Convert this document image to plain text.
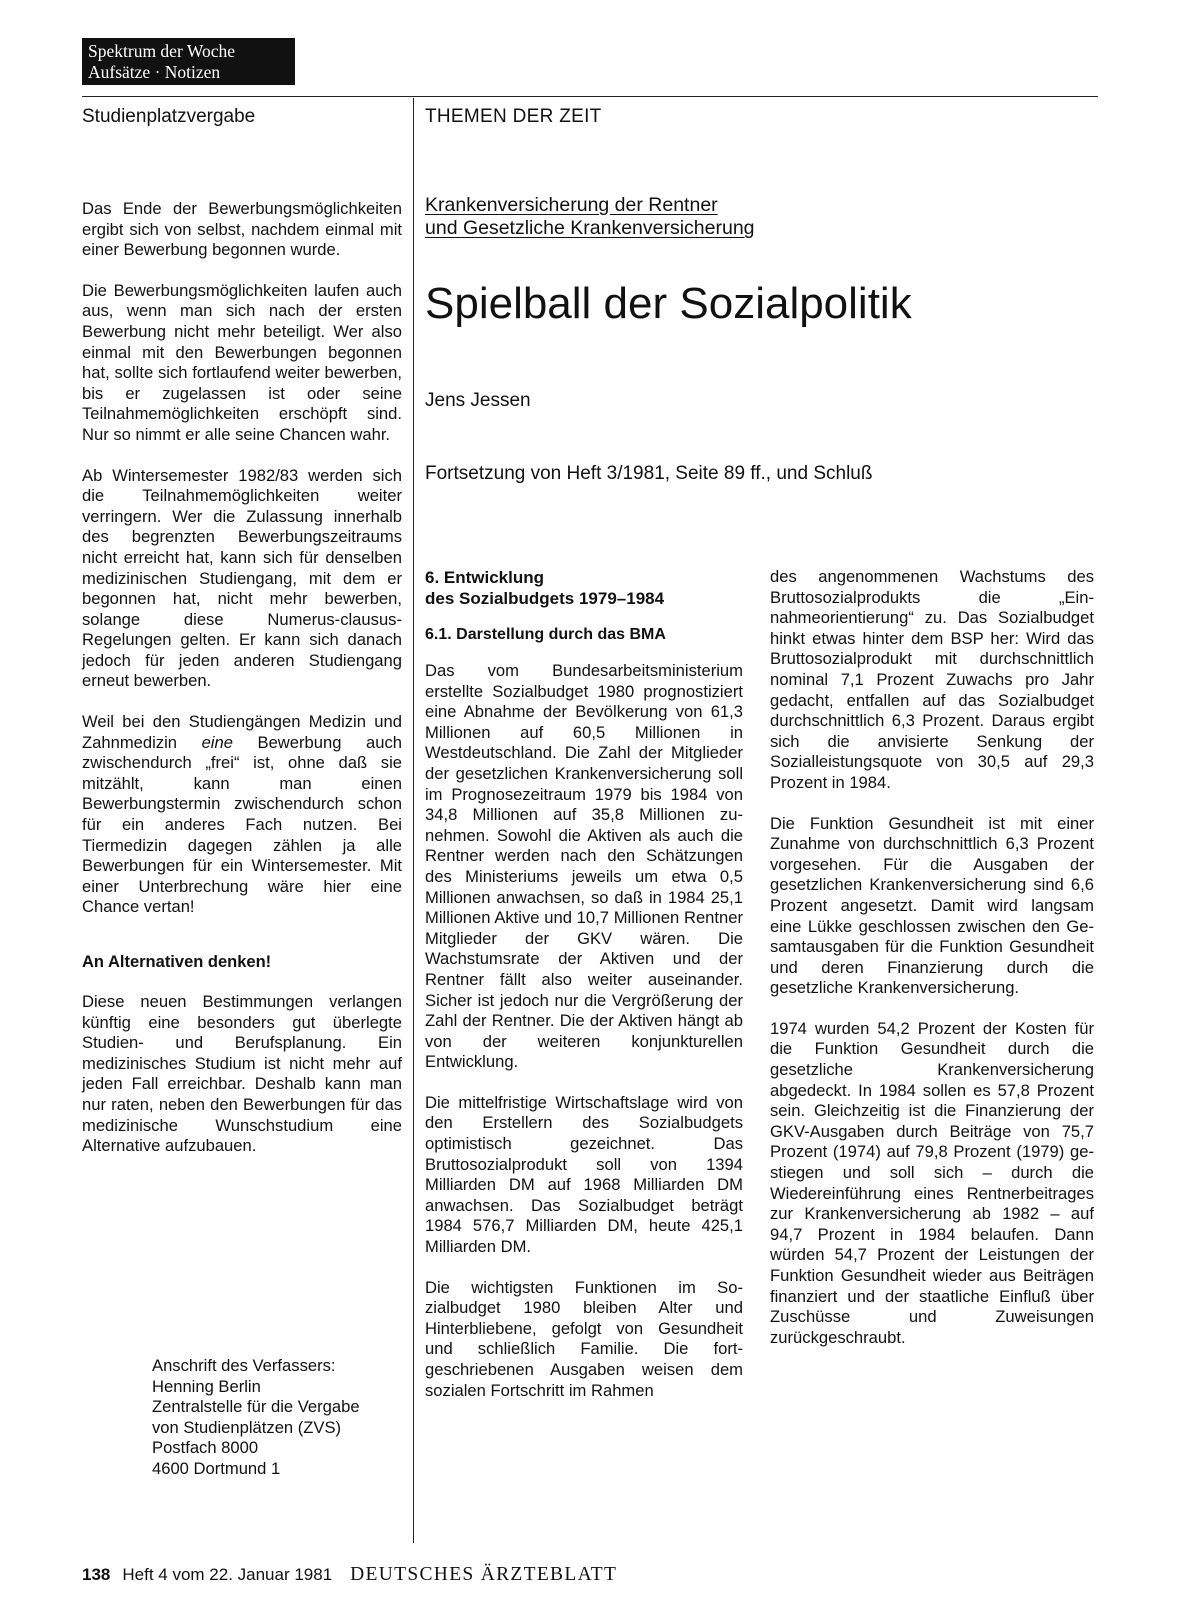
Spektrum der Woche
Aufsätze · Notizen
Studienplatzvergabe	THEMEN DER ZEIT

Das Ende der Bewerbungsmöglichkeiten ergibt sich von selbst, nachdem einmal mit einer Bewerbung begonnen wurde.

Die Bewerbungsmöglichkeiten laufen auch aus, wenn man sich nach der ersten Bewerbung nicht mehr beteiligt. Wer also einmal mit den Bewerbungen begonnen hat, sollte sich fortlaufend weiter bewerben, bis er zugelassen ist oder seine Teilnahmemöglichkeiten erschöpft sind. Nur so nimmt er alle seine Chancen wahr.

Ab Wintersemester 1982/83 werden sich die Teilnahmemöglichkeiten weiter verringern. Wer die Zulassung innerhalb des begrenzten Bewerbungszeitraums nicht erreicht hat, kann sich für denselben medizinischen Studiengang, mit dem er begonnen hat, nicht mehr bewerben, solange diese Numerus-clausus-Regelungen gelten. Er kann sich danach jedoch für jeden anderen Studiengang erneut bewerben.

Weil bei den Studiengängen Medizin und Zahnmedizin eine Bewerbung auch zwischendurch „frei“ ist, ohne daß sie mitzählt, kann man einen Bewerbungstermin zwischendurch schon für ein anderes Fach nutzen. Bei Tiermedizin dagegen zählen ja alle Bewerbungen für ein Wintersemester. Mit einer Unterbrechung wäre hier eine Chance vertan!

An Alternativen denken!

Diese neuen Bestimmungen verlangen künftig eine besonders gut überlegte Studien- und Berufsplanung. Ein medizinisches Studium ist nicht mehr auf jeden Fall erreichbar. Deshalb kann man nur raten, neben den Bewerbungen für das medizinische Wunschstudium eine Alternative aufzubauen.

Anschrift des Verfassers:
Henning Berlin
Zentralstelle für die Vergabe
von Studienplätzen (ZVS)
Postfach 8000
4600 Dortmund 1
Krankenversicherung der Rentner
und Gesetzliche Krankenversicherung
Spielball der Sozialpolitik
Jens Jessen
Fortsetzung von Heft 3/1981, Seite 89 ff., und Schluß
6. Entwicklung
des Sozialbudgets 1979–1984
6.1. Darstellung durch das BMA

Das vom Bundesarbeitsministerium erstellte Sozialbudget 1980 prognostiziert eine Abnahme der Bevölkerung von 61,3 Millionen auf 60,5 Millionen in Westdeutschland. Die Zahl der Mitglieder der gesetzlichen Krankenversicherung soll im Prognosezeitraum 1979 bis 1984 von 34,8 Millionen auf 35,8 Millionen zunehmen. Sowohl die Aktiven als auch die Rentner werden nach den Schätzungen des Ministeriums jeweils um etwa 0,5 Millionen anwachsen, so daß in 1984 25,1 Millionen Aktive und 10,7 Millionen Rentner Mitglieder der GKV wären. Die Wachstumsrate der Aktiven und der Rentner fällt also weiter auseinander. Sicher ist jedoch nur die Vergrößerung der Zahl der Rentner. Die der Aktiven hängt ab von der weiteren konjunkturellen Entwicklung.

Die mittelfristige Wirtschaftslage wird von den Erstellern des Sozialbudgets optimistisch gezeichnet. Das Bruttosozialprodukt soll von 1394 Milliarden DM auf 1968 Milliarden DM anwachsen. Das Sozialbudget beträgt 1984 576,7 Milliarden DM, heute 425,1 Milliarden DM.

Die wichtigsten Funktionen im Sozialbudget 1980 bleiben Alter und Hinterbliebene, gefolgt von Gesundheit und schließlich Familie. Die fortgeschriebenen Ausgaben weisen dem sozialen Fortschritt im Rahmen

des angenommenen Wachstums des Bruttosozialprodukts die „Einnahmeorientierung“ zu. Das Sozialbudget hinkt etwas hinter dem BSP her: Wird das Bruttosozialprodukt mit durchschnittlich nominal 7,1 Prozent Zuwachs pro Jahr gedacht, entfallen auf das Sozialbudget durchschnittlich 6,3 Prozent. Daraus ergibt sich die anvisierte Senkung der Sozialleistungsquote von 30,5 auf 29,3 Prozent in 1984.

Die Funktion Gesundheit ist mit einer Zunahme von durchschnittlich 6,3 Prozent vorgesehen. Für die Ausgaben der gesetzlichen Krankenversicherung sind 6,6 Prozent angesetzt. Damit wird langsam eine Lükke geschlossen zwischen den Gesamtausgaben für die Funktion Gesundheit und deren Finanzierung durch die gesetzliche Krankenversicherung.

1974 wurden 54,2 Prozent der Kosten für die Funktion Gesundheit durch die gesetzliche Krankenversicherung abgedeckt. In 1984 sollen es 57,8 Prozent sein. Gleichzeitig ist die Finanzierung der GKV-Ausgaben durch Beiträge von 75,7 Prozent (1974) auf 79,8 Prozent (1979) gestiegen und soll sich – durch die Wiedereinführung eines Rentnerbeitrages zur Krankenversicherung ab 1982 – auf 94,7 Prozent in 1984 belaufen. Dann würden 54,7 Prozent der Leistungen der Funktion Gesundheit wieder aus Beiträgen finanziert und der staatliche Einfluß über Zuschüsse und Zuweisungen zurückgeschraubt.

138 Heft 4 vom 22. Januar 1981 DEUTSCHES ÄRZTEBLATT
